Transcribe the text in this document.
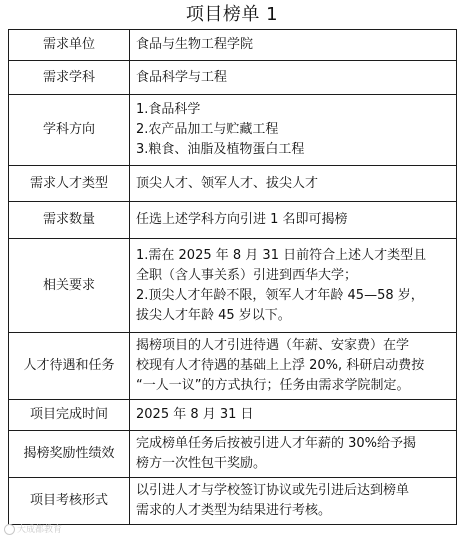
项目榜单 1
需求单位	食品与生物工程学院

需求学科	食品科学与工程

学科方向	1.食品科学
2.农产品加工与贮藏工程
3.粮食、油脂及植物蛋白工程

需求人才类型	顶尖人才、领军人才、拔尖人才

需求数量	任选上述学科方向引进 1 名即可揭榜

相关要求	1.需在 2025 年 8 月 31 日前符合上述人才类型且
全职（含人事关系）引进到西华大学；
2.顶尖人才年龄不限，领军人才年龄 45—58 岁，
拔尖人才年龄 45 岁以下。

人才待遇和任务	揭榜项目的人才引进待遇（年薪、安家费）在学
校现有人才待遇的基础上上浮 20%, 科研启动费按
“一人一议”的方式执行；任务由需求学院制定。

项目完成时间	2025 年 8 月 31 日

揭榜奖励性绩效	完成榜单任务后按被引进人才年薪的 30%给予揭
榜方一次性包干奖励。

项目考核形式	以引进人才与学校签订协议或先引进后达到榜单
需求的人才类型为结果进行考核。
大成都教育
